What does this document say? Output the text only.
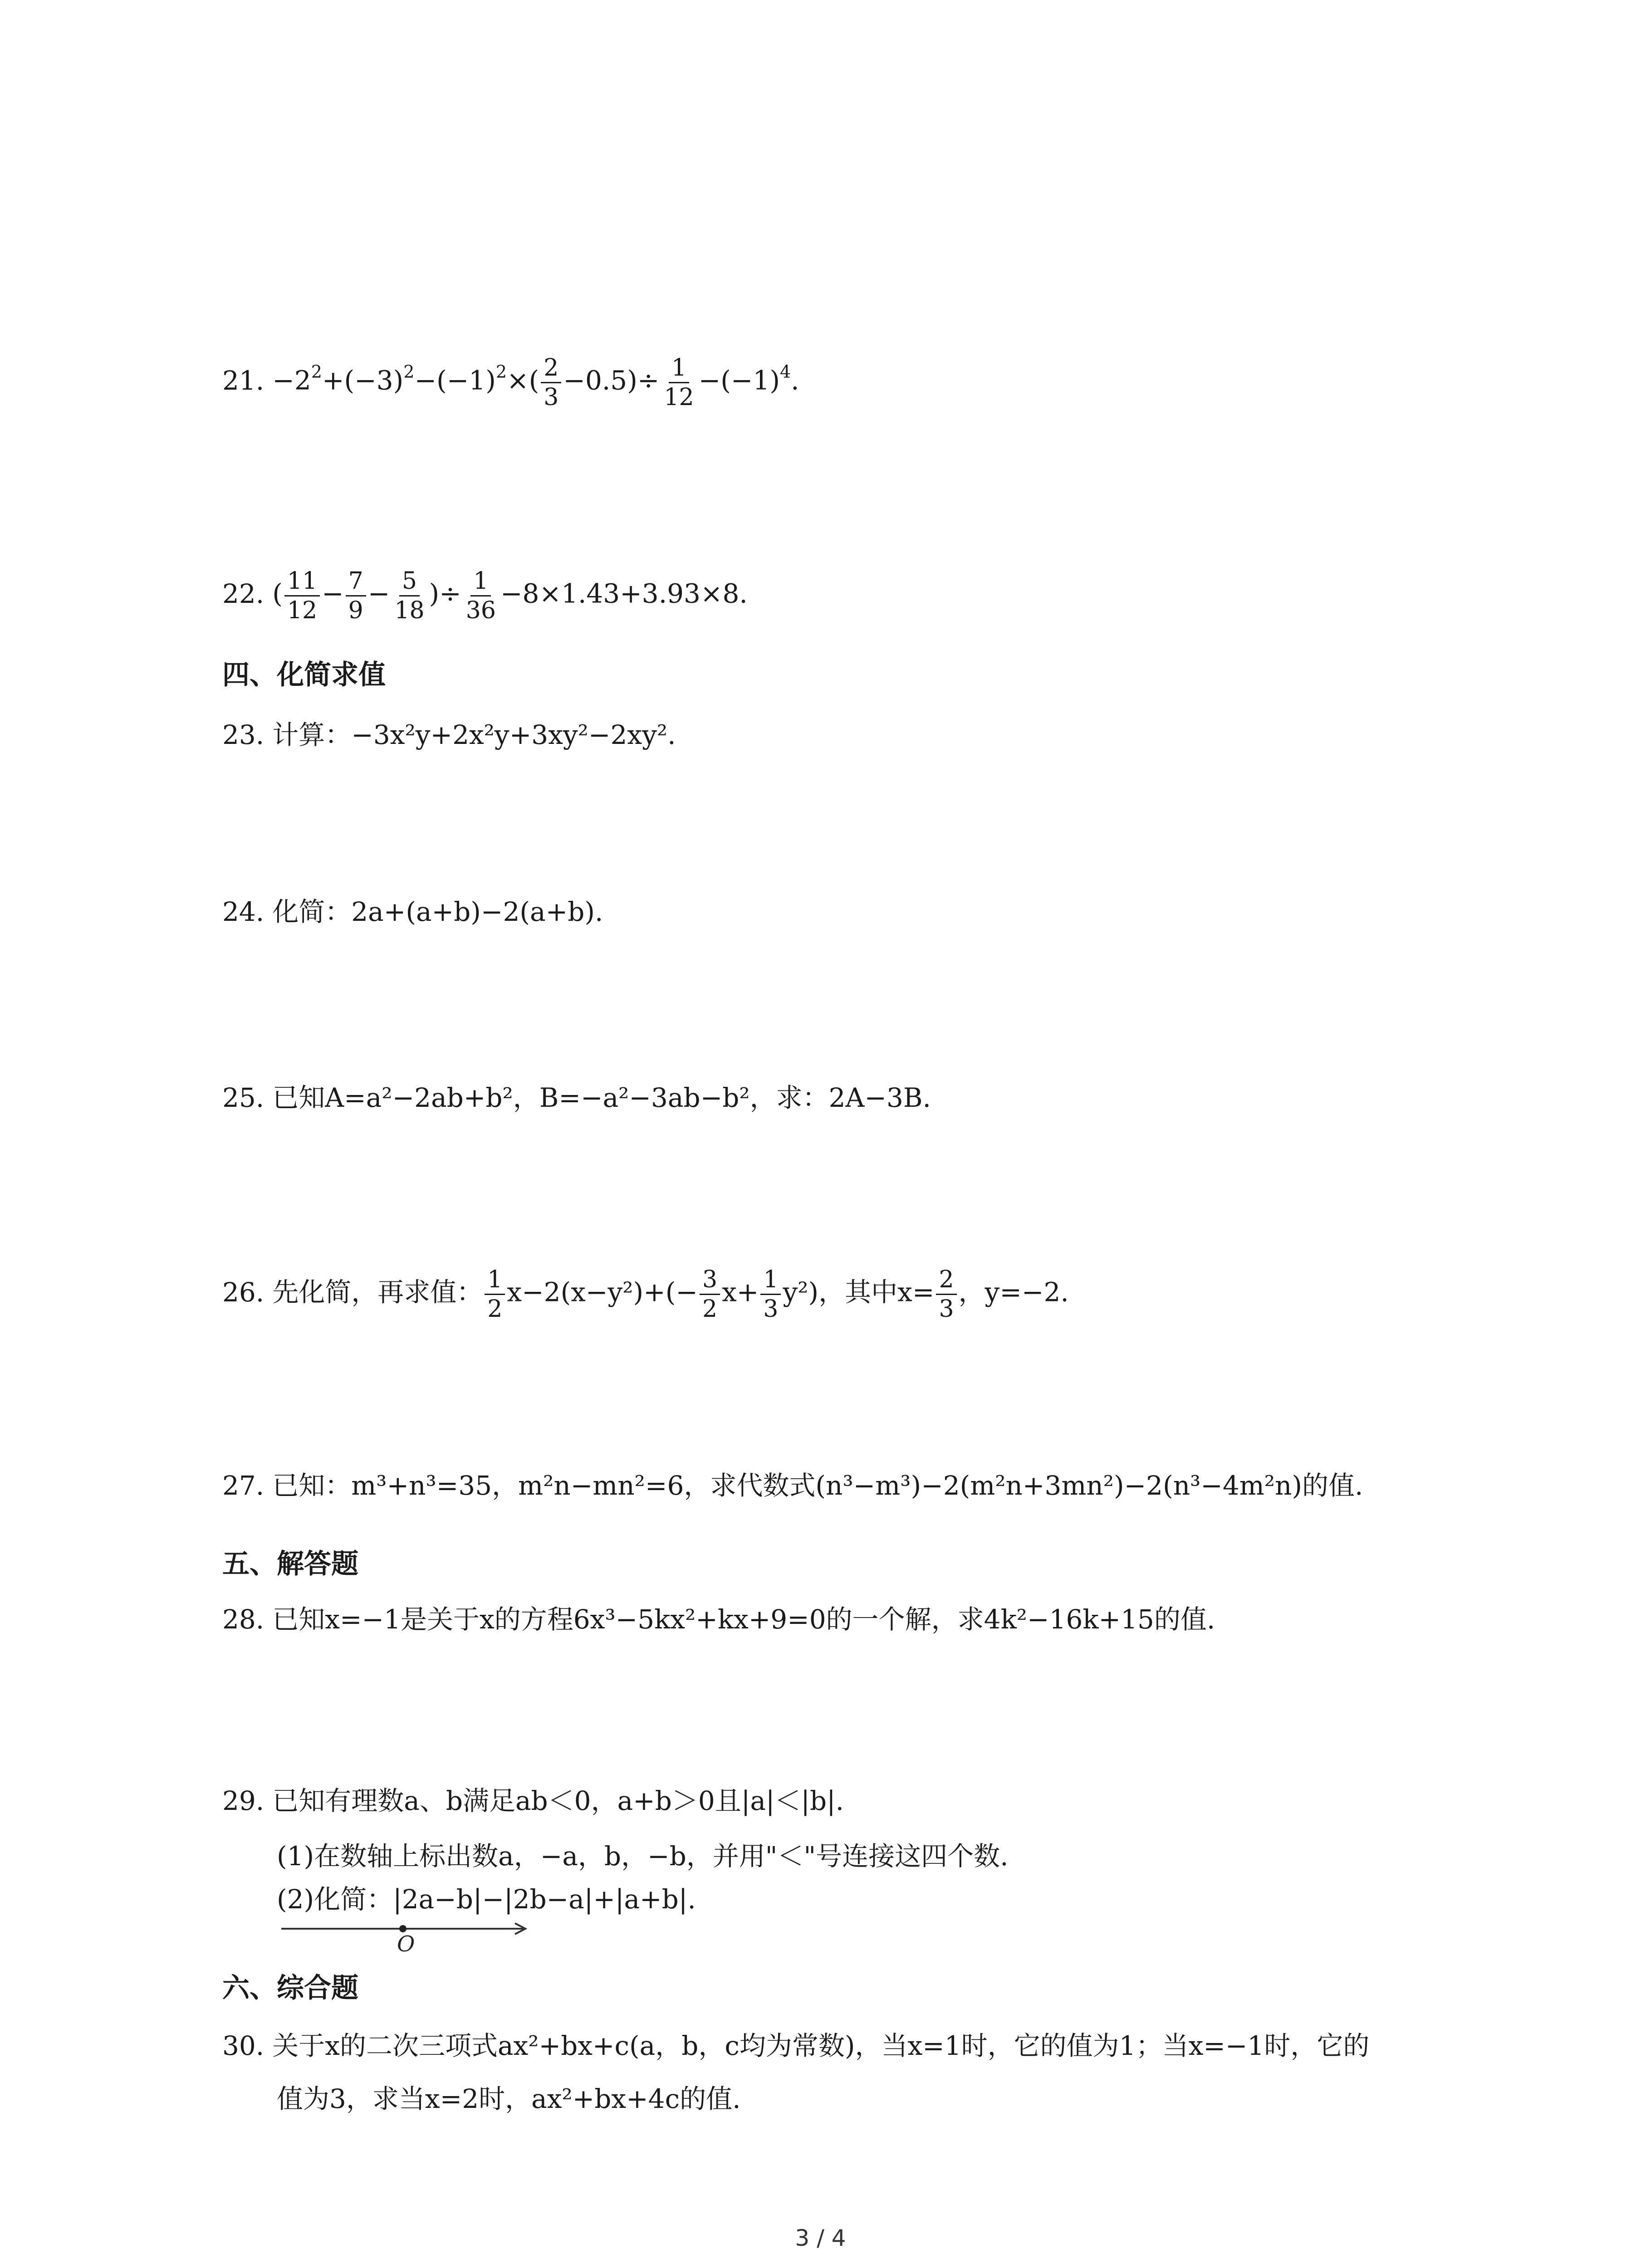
21. $-2^2+(-3)^2-(-1)^2\times( \frac{2}{3} -0.5)\div \frac{1}{12} -(-1)^4$.
22. ( $\frac{11}{12} - \frac{7}{9} - \frac{5}{18}$ )÷ $\frac{1}{36} -8\times 1.43+3.93\times 8$.
四、化简求值
23. 计算：−3x²y+2x²y+3xy²−2xy².
24. 化简：2a+(a+b)−2(a+b).
25. 已知A=a²−2ab+b²，B=−a²−3ab−b²，求：2A−3B.
26. 先化简，再求值： $\frac{1}{2} x-2(x-y^2)+(- \frac{3}{2} x+ \frac{1}{3} y^2)$，其中$x= \frac{2}{3}$ ，y=−2.
27. 已知：m³+n³=35，m²n−mn²=6，求代数式(n³−m³)−2(m²n+3mn²)−2(n³−4m²n)的值.
五、解答题
28. 已知x=−1是关于x的方程6x³−5kx²+kx+9=0的一个解，求4k²−16k+15的值.
29. 已知有理数a、b满足ab＜0，a+b＞0且|a|＜|b|.
(1)在数轴上标出数a，−a，b，−b，并用"＜"号连接这四个数.
(2)化简：|2a−b|−|2b−a|+|a+b|.
O
六、综合题
30. 关于x的二次三项式ax²+bx+c(a，b，c均为常数)，当x=1时，它的值为1；当x=−1时，它的
值为3，求当x=2时，ax²+bx+4c的值.
3 / 4
